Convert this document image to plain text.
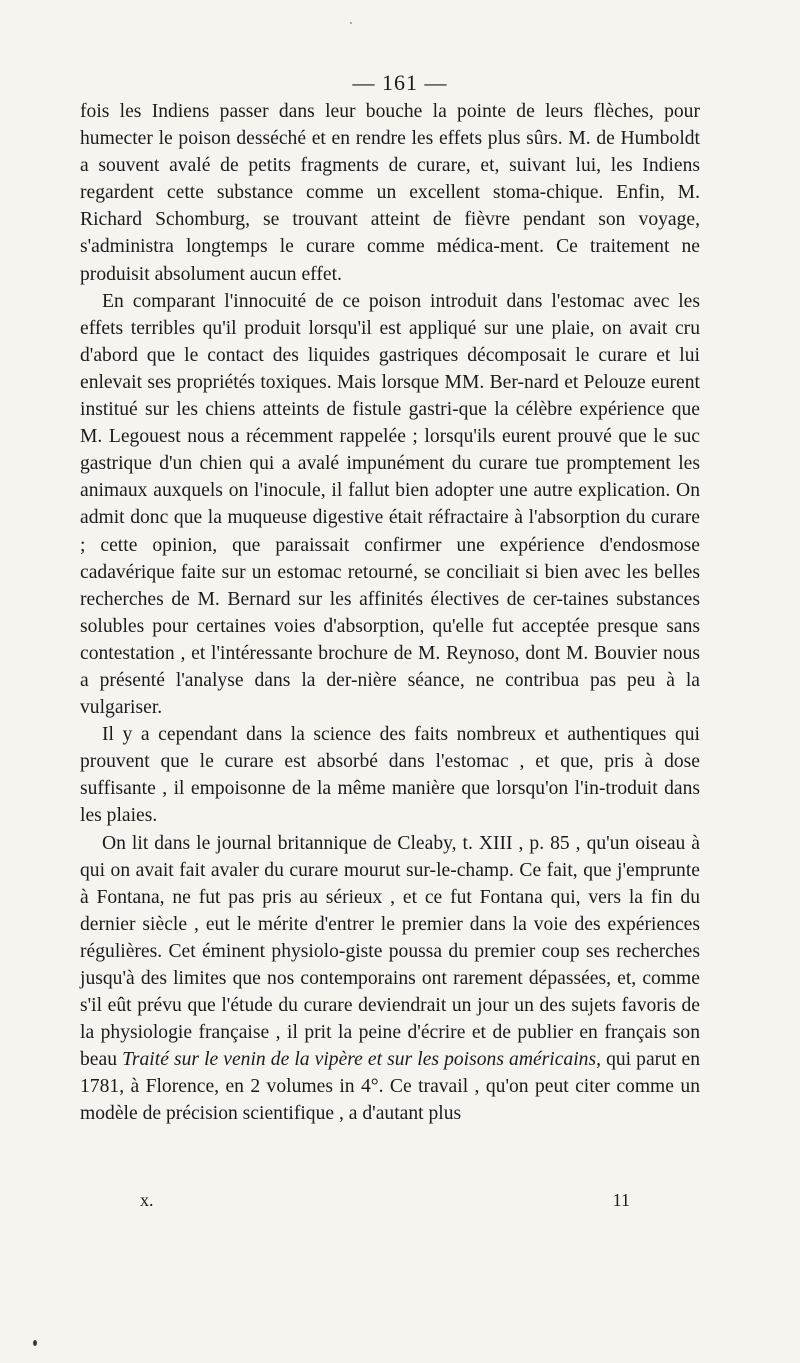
— 161 —

fois les Indiens passer dans leur bouche la pointe de leurs flèches, pour humecter le poison desséché et en rendre les effets plus sûrs. M. de Humboldt a souvent avalé de petits fragments de curare, et, suivant lui, les Indiens regardent cette substance comme un excellent stoma-chique. Enfin, M. Richard Schomburg, se trouvant atteint de fièvre pendant son voyage, s'administra longtemps le curare comme médica-ment. Ce traitement ne produisit absolument aucun effet.

En comparant l'innocuité de ce poison introduit dans l'estomac avec les effets terribles qu'il produit lorsqu'il est appliqué sur une plaie, on avait cru d'abord que le contact des liquides gastriques décomposait le curare et lui enlevait ses propriétés toxiques. Mais lorsque MM. Ber-nard et Pelouze eurent institué sur les chiens atteints de fistule gastri-que la célèbre expérience que M. Legouest nous a récemment rappelée ; lorsqu'ils eurent prouvé que le suc gastrique d'un chien qui a avalé impunément du curare tue promptement les animaux auxquels on l'inocule, il fallut bien adopter une autre explication. On admit donc que la muqueuse digestive était réfractaire à l'absorption du curare ; cette opinion, que paraissait confirmer une expérience d'endosmose cadavérique faite sur un estomac retourné, se conciliait si bien avec les belles recherches de M. Bernard sur les affinités électives de cer-taines substances solubles pour certaines voies d'absorption, qu'elle fut acceptée presque sans contestation , et l'intéressante brochure de M. Reynoso, dont M. Bouvier nous a présenté l'analyse dans la der-nière séance, ne contribua pas peu à la vulgariser.

Il y a cependant dans la science des faits nombreux et authentiques qui prouvent que le curare est absorbé dans l'estomac , et que, pris à dose suffisante , il empoisonne de la même manière que lorsqu'on l'in-troduit dans les plaies.

On lit dans le journal britannique de Cleaby, t. XIII , p. 85 , qu'un oiseau à qui on avait fait avaler du curare mourut sur-le-champ. Ce fait, que j'emprunte à Fontana, ne fut pas pris au sérieux , et ce fut Fontana qui, vers la fin du dernier siècle , eut le mérite d'entrer le premier dans la voie des expériences régulières. Cet éminent physiolo-giste poussa du premier coup ses recherches jusqu'à des limites que nos contemporains ont rarement dépassées, et, comme s'il eût prévu que l'étude du curare deviendrait un jour un des sujets favoris de la physiologie française , il prit la peine d'écrire et de publier en français son beau Traité sur le venin de la vipère et sur les poisons américains, qui parut en 1781, à Florence, en 2 volumes in 4°. Ce travail , qu'on peut citer comme un modèle de précision scientifique , a d'autant plus

x.	11
